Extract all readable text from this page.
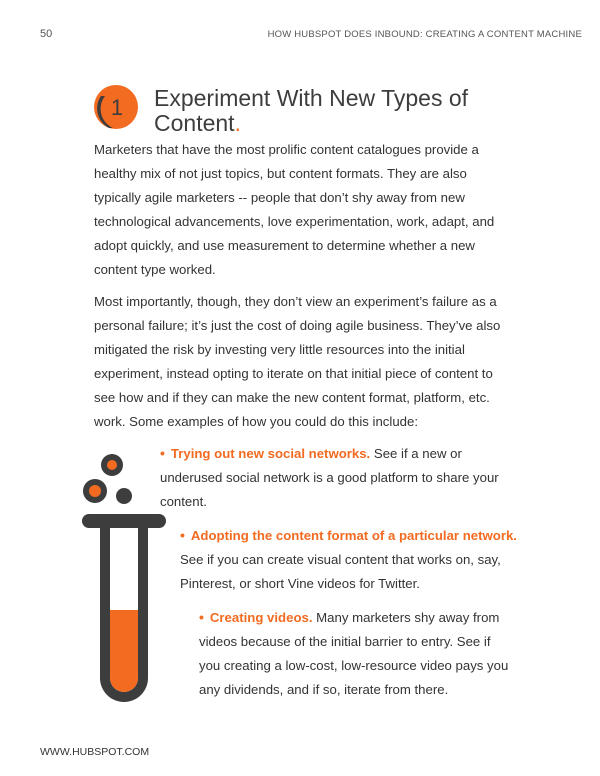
50	HOW HUBSPOT DOES INBOUND: CREATING A CONTENT MACHINE
1 Experiment With New Types of Content.

Marketers that have the most prolific content catalogues provide a healthy mix of not just topics, but content formats. They are also typically agile marketers -- people that don’t shy away from new technological advancements, love experimentation, work, adapt, and adopt quickly, and use measurement to determine whether a new content type worked.

Most importantly, though, they don’t view an experiment’s failure as a personal failure; it’s just the cost of doing agile business. They’ve also mitigated the risk by investing very little resources into the initial experiment, instead opting to iterate on that initial piece of content to see how and if they can make the new content format, platform, etc. work. Some examples of how you could do this include:

• Trying out new social networks. See if a new or underused social network is a good platform to share your content.
• Adopting the content format of a particular network. See if you can create visual content that works on, say, Pinterest, or short Vine videos for Twitter.
• Creating videos. Many marketers shy away from videos because of the initial barrier to entry. See if you creating a low-cost, low-resource video pays you any dividends, and if so, iterate from there.
WWW.HUBSPOT.COM
